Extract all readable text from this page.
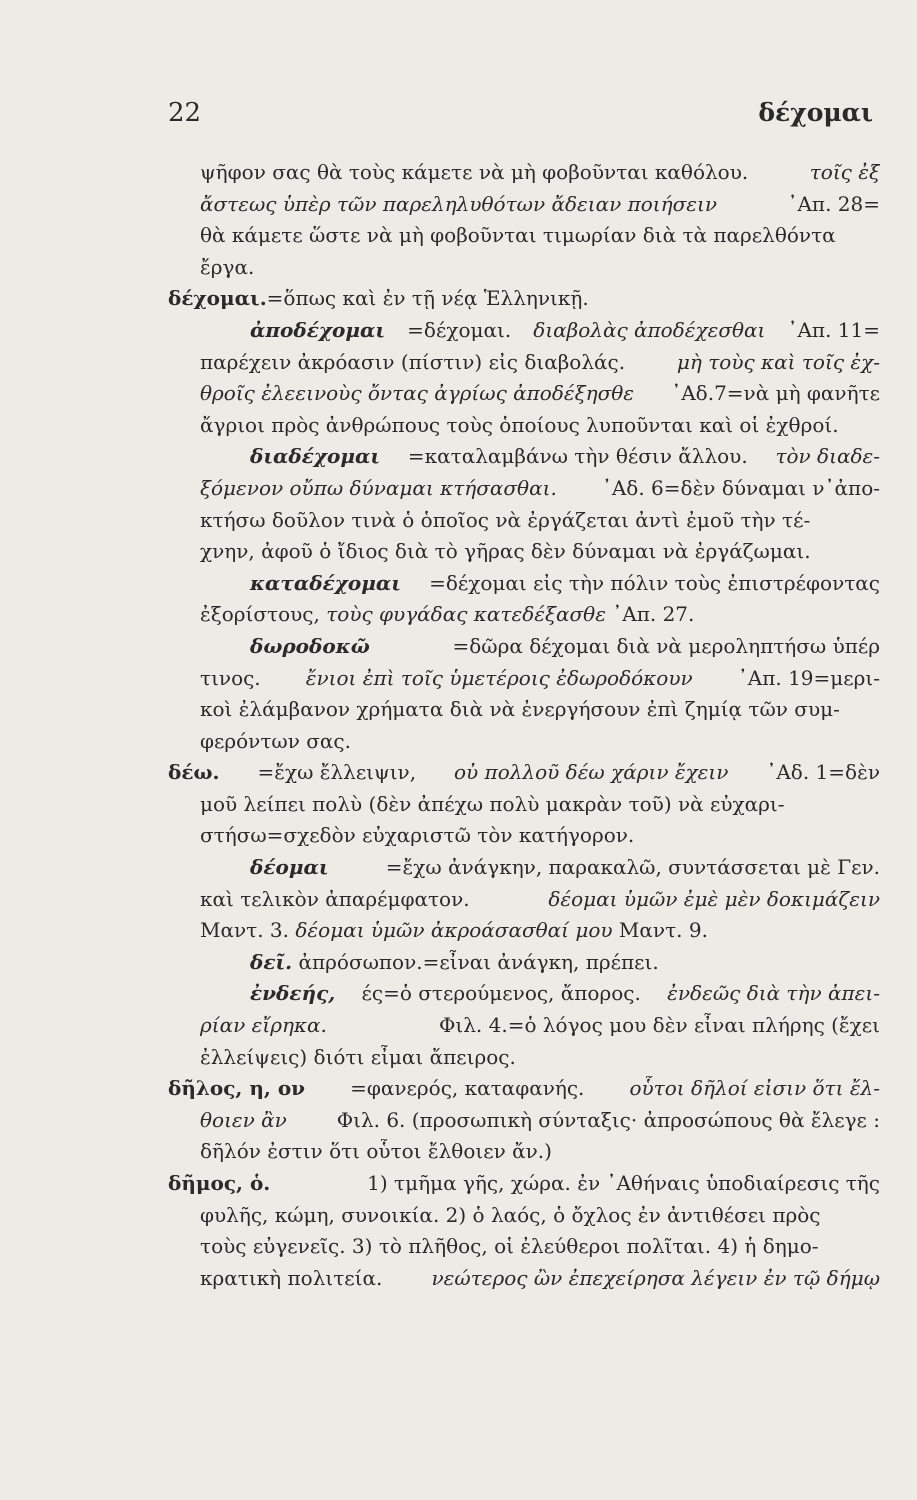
22	δέχομαι
ψῆφον σας θὰ τοὺς κάμετε νὰ μὴ φοβοῦνται καθόλου.	τοῖς ἐξ
ἄστεως ὑπὲρ τῶν παρεληλυθότων ἄδειαν ποιήσειν	᾿Απ. 28=
θὰ κάμετε ὥστε νὰ μὴ φοβοῦνται τιμωρίαν διὰ τὰ παρελθόντα
ἔργα.
δέχομαι. =ὅπως καὶ ἐν τῇ νέᾳ Ἑλληνικῇ.
ἀποδέχομαι =δέχομαι. διαβολὰς ἀποδέχεσθαι ᾿Απ. 11=
παρέχειν ἀκρόασιν (πίστιν) εἰς διαβολάς.	μὴ τοὺς καὶ τοῖς ἐχ-
θροῖς ἐλεεινοὺς ὄντας ἀγρίως ἀποδέξησθε ᾿Αδ.7=νὰ μὴ φανῆτε
ἄγριοι πρὸς ἀνθρώπους τοὺς ὁποίους λυποῦνται καὶ οἱ ἐχθροί.
διαδέχομαι =καταλαμβάνω τὴν θέσιν ἄλλου. τὸν διαδε-
ξόμενον οὔπω δύναμαι κτήσασθαι. ᾿Αδ. 6=δὲν δύναμαι ν᾿ἀπο-
κτήσω δοῦλον τινὰ ὁ ὁποῖος νὰ ἐργάζεται ἀντὶ ἐμοῦ τὴν τέ-
χνην, ἀφοῦ ὁ ἴδιος διὰ τὸ γῆρας δὲν δύναμαι νὰ ἐργάζωμαι.
καταδέχομαι =δέχομαι εἰς τὴν πόλιν τοὺς ἐπιστρέφοντας
ἐξορίστους, τοὺς φυγάδας κατεδέξασθε ᾿Απ. 27.
δωροδοκῶ	=δῶρα δέχομαι διὰ νὰ μεροληπτήσω ὑπέρ
τινος. ἔνιοι ἐπὶ τοῖς ὑμετέροις ἐδωροδόκουν ᾿Απ. 19=μερι-
κοὶ ἐλάμβανον χρήματα διὰ νὰ ἐνεργήσουν ἐπὶ ζημίᾳ τῶν συμ-
φερόντων σας.
δέω. =ἔχω ἔλλειψιν, οὐ πολλοῦ δέω χάριν ἔχειν ᾿Αδ. 1=δὲν
μοῦ λείπει πολὺ (δὲν ἀπέχω πολὺ μακρὰν τοῦ) νὰ εὐχαρι-
στήσω=σχεδὸν εὐχαριστῶ τὸν κατήγορον.
δέομαι	=ἔχω ἀνάγκην, παρακαλῶ, συντάσσεται μὲ Γεν.
καὶ τελικὸν ἀπαρέμφατον.	δέομαι ὑμῶν ἐμὲ μὲν δοκιμάζειν
Μαντ. 3. δέομαι ὑμῶν ἀκροάσασθαί μου Μαντ. 9.
δεῖ. ἀπρόσωπον.=εἶναι ἀνάγκη, πρέπει.
ἐνδεής, ές=ὁ στερούμενος, ἄπορος. ἐνδεῶς διὰ τὴν ἀπει-
ρίαν εἴρηκα.	Φιλ. 4.=ὁ λόγος μου δὲν εἶναι πλήρης (ἔχει
ἐλλείψεις) διότι εἶμαι ἄπειρος.
δῆλος, η, ον =φανερός, καταφανής. οὗτοι δῆλοί εἰσιν ὅτι ἔλ-
θοιεν ἂν Φιλ. 6. (προσωπικὴ σύνταξις· ἀπροσώπους θὰ ἔλεγε :
δῆλόν ἐστιν ὅτι οὗτοι ἔλθοιεν ἄν.)
δῆμος, ὁ.	1) τμῆμα γῆς, χώρα. ἐν ᾿Αθήναις ὑποδιαίρεσις τῆς
φυλῆς, κώμη, συνοικία. 2) ὁ λαός, ὁ ὄχλος ἐν ἀντιθέσει πρὸς
τοὺς εὐγενεῖς. 3) τὸ πλῆθος, οἱ ἐλεύθεροι πολῖται. 4) ἡ δημο-
κρατικὴ πολιτεία. νεώτερος ὢν ἐπεχείρησα λέγειν ἐν τῷ δήμῳ
